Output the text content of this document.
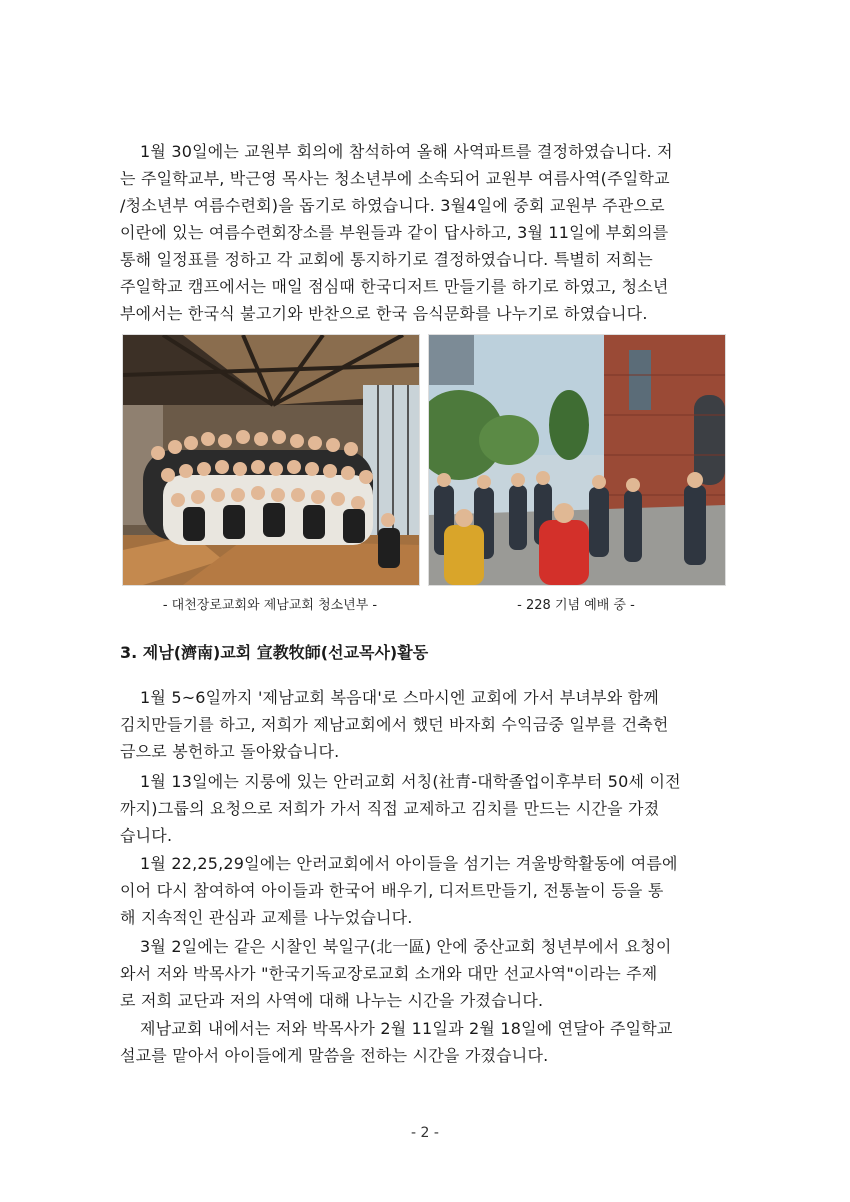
1월 30일에는 교원부 회의에 참석하여 올해 사역파트를 결정하였습니다. 저
는 주일학교부, 박근영 목사는 청소년부에 소속되어 교원부 여름사역(주일학교
/청소년부 여름수련회)을 돕기로 하였습니다. 3월4일에 중회 교원부 주관으로
이란에 있는 여름수련회장소를 부원들과 같이 답사하고, 3월 11일에 부회의를
통해 일정표를 정하고 각 교회에 통지하기로 결정하였습니다. 특별히 저희는
주일학교 캠프에서는 매일 점심때 한국디저트 만들기를 하기로 하였고, 청소년
부에서는 한국식 불고기와 반찬으로 한국 음식문화를 나누기로 하였습니다.

- 대천장로교회와 제남교회 청소년부 -	- 228 기념 예배 중 -
3. 제남(濟南)교회 宣教牧師(선교목사)활동

1월 5~6일까지 '제남교회 복음대'로 스마시엔 교회에 가서 부녀부와 함께
김치만들기를 하고, 저희가 제남교회에서 했던 바자회 수익금중 일부를 건축헌
금으로 봉헌하고 돌아왔습니다.

1월 13일에는 지룽에 있는 안러교회 서칭(社青-대학졸업이후부터 50세 이전
까지)그룹의 요청으로 저희가 가서 직접 교제하고 김치를 만드는 시간을 가졌
습니다.

1월 22,25,29일에는 안러교회에서 아이들을 섬기는 겨울방학활동에 여름에
이어 다시 참여하여 아이들과 한국어 배우기, 디저트만들기, 전통놀이 등을 통
해 지속적인 관심과 교제를 나누었습니다.

3월 2일에는 같은 시찰인 북일구(北一區) 안에 중산교회 청년부에서 요청이
와서 저와 박목사가 "한국기독교장로교회 소개와 대만 선교사역"이라는 주제
로 저희 교단과 저의 사역에 대해 나누는 시간을 가졌습니다.

제남교회 내에서는 저와 박목사가 2월 11일과 2월 18일에 연달아 주일학교
설교를 맡아서 아이들에게 말씀을 전하는 시간을 가졌습니다.

- 2 -
